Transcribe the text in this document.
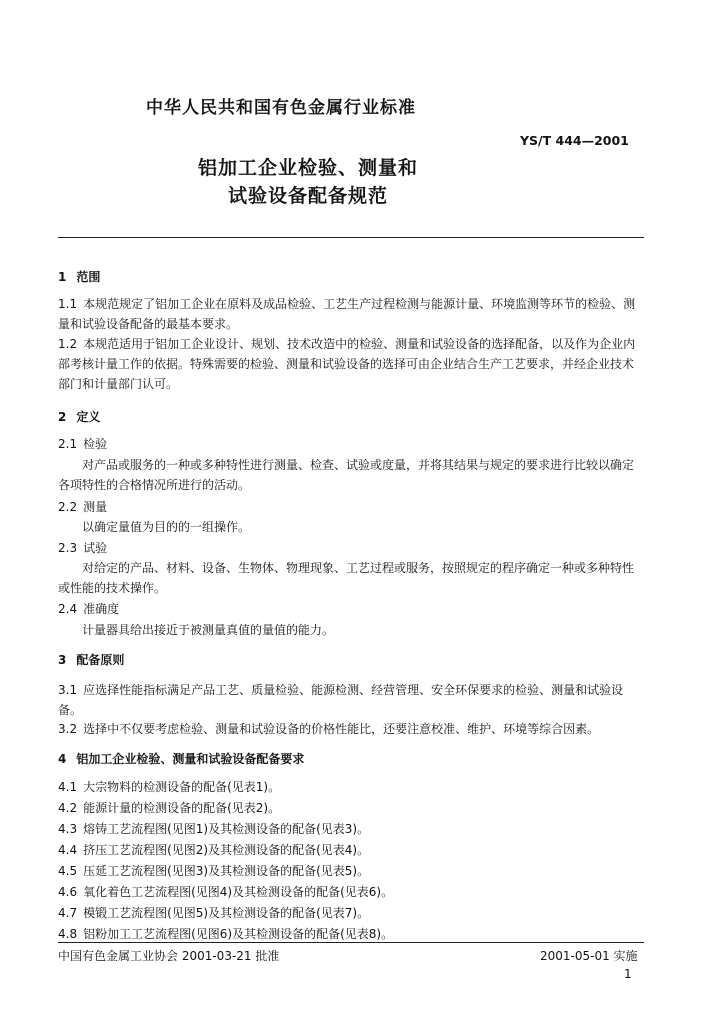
中华人民共和国有色金属行业标准
YS/T 444—2001
铝加工企业检验、测量和
试验设备配备规范
1 范围
1.1 本规范规定了铝加工企业在原料及成品检验、工艺生产过程检测与能源计量、环境监测等环节的检验、测量和试验设备配备的最基本要求。
1.2 本规范适用于铝加工企业设计、规划、技术改造中的检验、测量和试验设备的选择配备，以及作为企业内部考核计量工作的依据。特殊需要的检验、测量和试验设备的选择可由企业结合生产工艺要求，并经企业技术部门和计量部门认可。
2 定义
2.1 检验
对产品或服务的一种或多种特性进行测量、检查、试验或度量，并将其结果与规定的要求进行比较以确定各项特性的合格情况所进行的活动。
2.2 测量
以确定量值为目的的一组操作。
2.3 试验
对给定的产品、材料、设备、生物体、物理现象、工艺过程或服务，按照规定的程序确定一种或多种特性或性能的技术操作。
2.4 准确度
计量器具给出接近于被测量真值的量值的能力。
3 配备原则
3.1 应选择性能指标满足产品工艺、质量检验、能源检测、经营管理、安全环保要求的检验、测量和试验设备。
3.2 选择中不仅要考虑检验、测量和试验设备的价格性能比，还要注意校准、维护、环境等综合因素。
4 铝加工企业检验、测量和试验设备配备要求
4.1 大宗物料的检测设备的配备(见表1)。
4.2 能源计量的检测设备的配备(见表2)。
4.3 熔铸工艺流程图(见图1)及其检测设备的配备(见表3)。
4.4 挤压工艺流程图(见图2)及其检测设备的配备(见表4)。
4.5 压延工艺流程图(见图3)及其检测设备的配备(见表5)。
4.6 氧化着色工艺流程图(见图4)及其检测设备的配备(见表6)。
4.7 模锻工艺流程图(见图5)及其检测设备的配备(见表7)。
4.8 铝粉加工工艺流程图(见图6)及其检测设备的配备(见表8)。
中国有色金属工业协会 2001-03-21 批准	2001-05-01 实施
1
